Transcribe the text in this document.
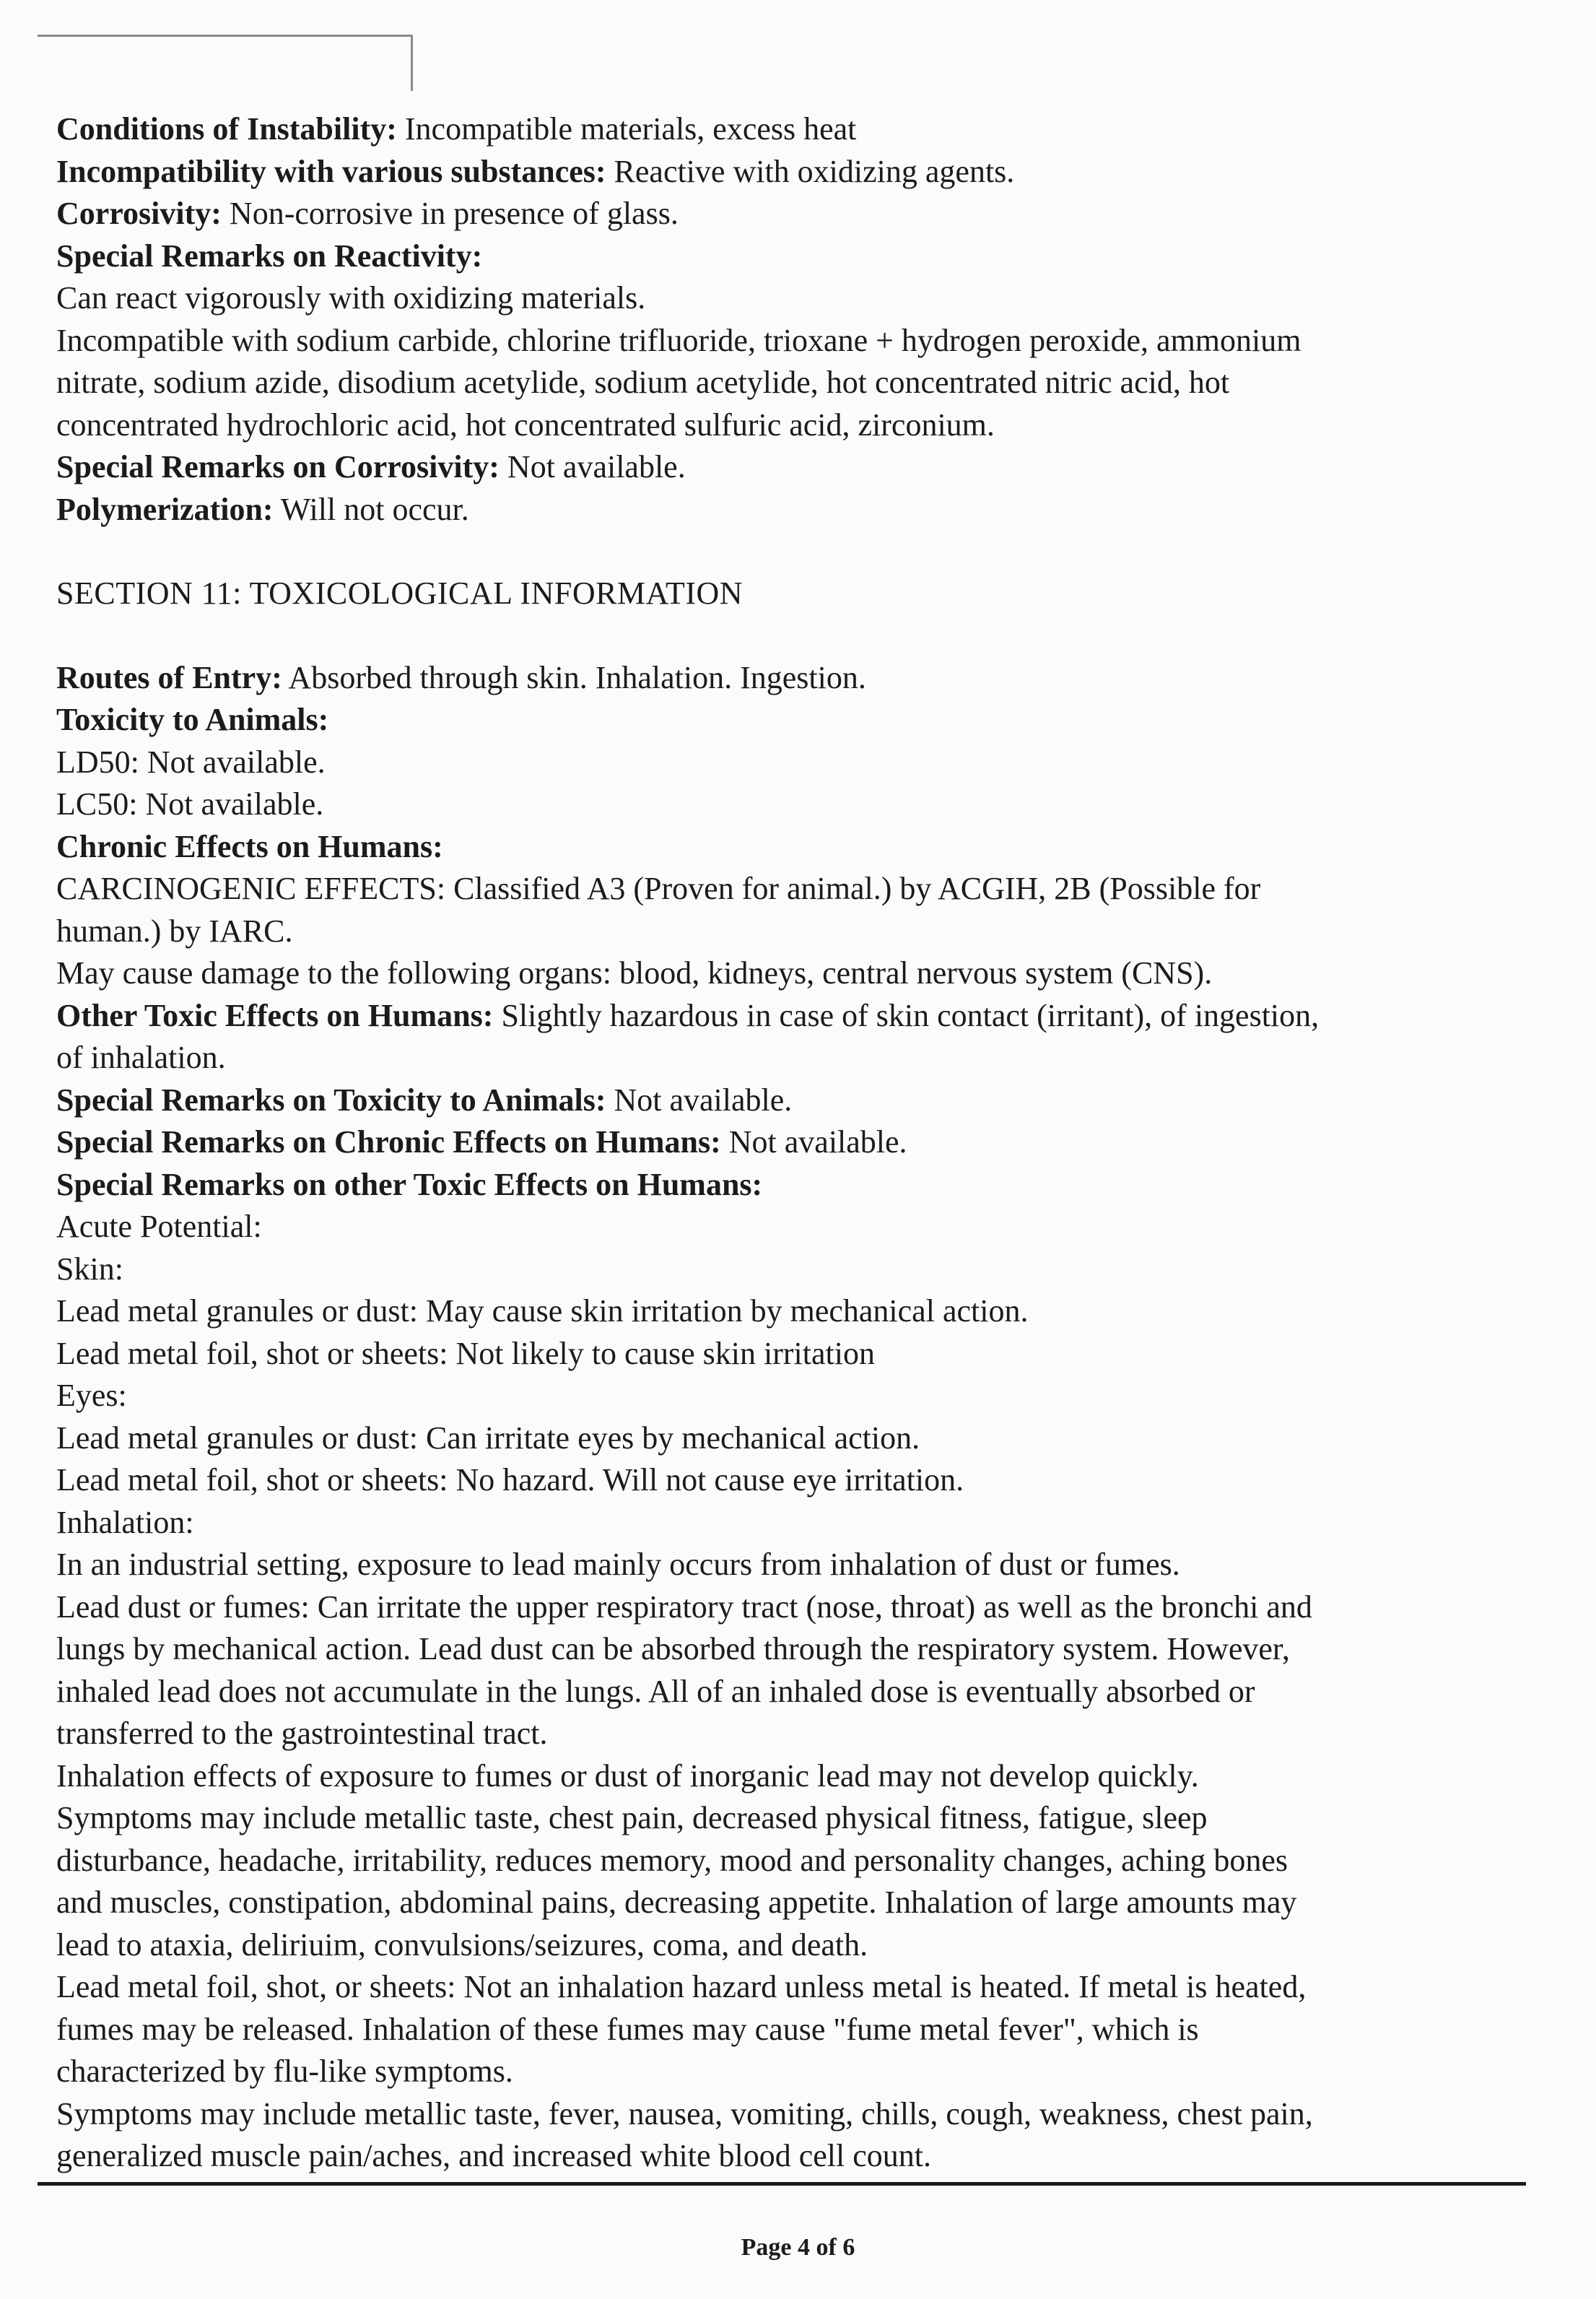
Conditions of Instability: Incompatible materials, excess heat

Incompatibility with various substances: Reactive with oxidizing agents.

Corrosivity: Non-corrosive in presence of glass.

Special Remarks on Reactivity:

Can react vigorously with oxidizing materials.

Incompatible with sodium carbide, chlorine trifluoride, trioxane + hydrogen peroxide, ammonium

nitrate, sodium azide, disodium acetylide, sodium acetylide, hot concentrated nitric acid, hot

concentrated hydrochloric acid, hot concentrated sulfuric acid, zirconium.

Special Remarks on Corrosivity: Not available.

Polymerization: Will not occur.

SECTION 11: TOXICOLOGICAL INFORMATION

Routes of Entry: Absorbed through skin. Inhalation. Ingestion.

Toxicity to Animals:

LD50: Not available.

LC50: Not available.

Chronic Effects on Humans:

CARCINOGENIC EFFECTS: Classified A3 (Proven for animal.) by ACGIH, 2B (Possible for

human.) by IARC.

May cause damage to the following organs: blood, kidneys, central nervous system (CNS).

Other Toxic Effects on Humans: Slightly hazardous in case of skin contact (irritant), of ingestion,

of inhalation.

Special Remarks on Toxicity to Animals: Not available.

Special Remarks on Chronic Effects on Humans: Not available.

Special Remarks on other Toxic Effects on Humans:

Acute Potential:

Skin:

Lead metal granules or dust: May cause skin irritation by mechanical action.

Lead metal foil, shot or sheets: Not likely to cause skin irritation

Eyes:

Lead metal granules or dust: Can irritate eyes by mechanical action.

Lead metal foil, shot or sheets: No hazard. Will not cause eye irritation.

Inhalation:

In an industrial setting, exposure to lead mainly occurs from inhalation of dust or fumes.

Lead dust or fumes: Can irritate the upper respiratory tract (nose, throat) as well as the bronchi and

lungs by mechanical action. Lead dust can be absorbed through the respiratory system. However,

inhaled lead does not accumulate in the lungs. All of an inhaled dose is eventually absorbed or

transferred to the gastrointestinal tract.

Inhalation effects of exposure to fumes or dust of inorganic lead may not develop quickly.

Symptoms may include metallic taste, chest pain, decreased physical fitness, fatigue, sleep

disturbance, headache, irritability, reduces memory, mood and personality changes, aching bones

and muscles, constipation, abdominal pains, decreasing appetite. Inhalation of large amounts may

lead to ataxia, deliriuim, convulsions/seizures, coma, and death.

Lead metal foil, shot, or sheets: Not an inhalation hazard unless metal is heated. If metal is heated,

fumes may be released. Inhalation of these fumes may cause "fume metal fever", which is

characterized by flu-like symptoms.

Symptoms may include metallic taste, fever, nausea, vomiting, chills, cough, weakness, chest pain,

generalized muscle pain/aches, and increased white blood cell count.

Page 4 of 6
